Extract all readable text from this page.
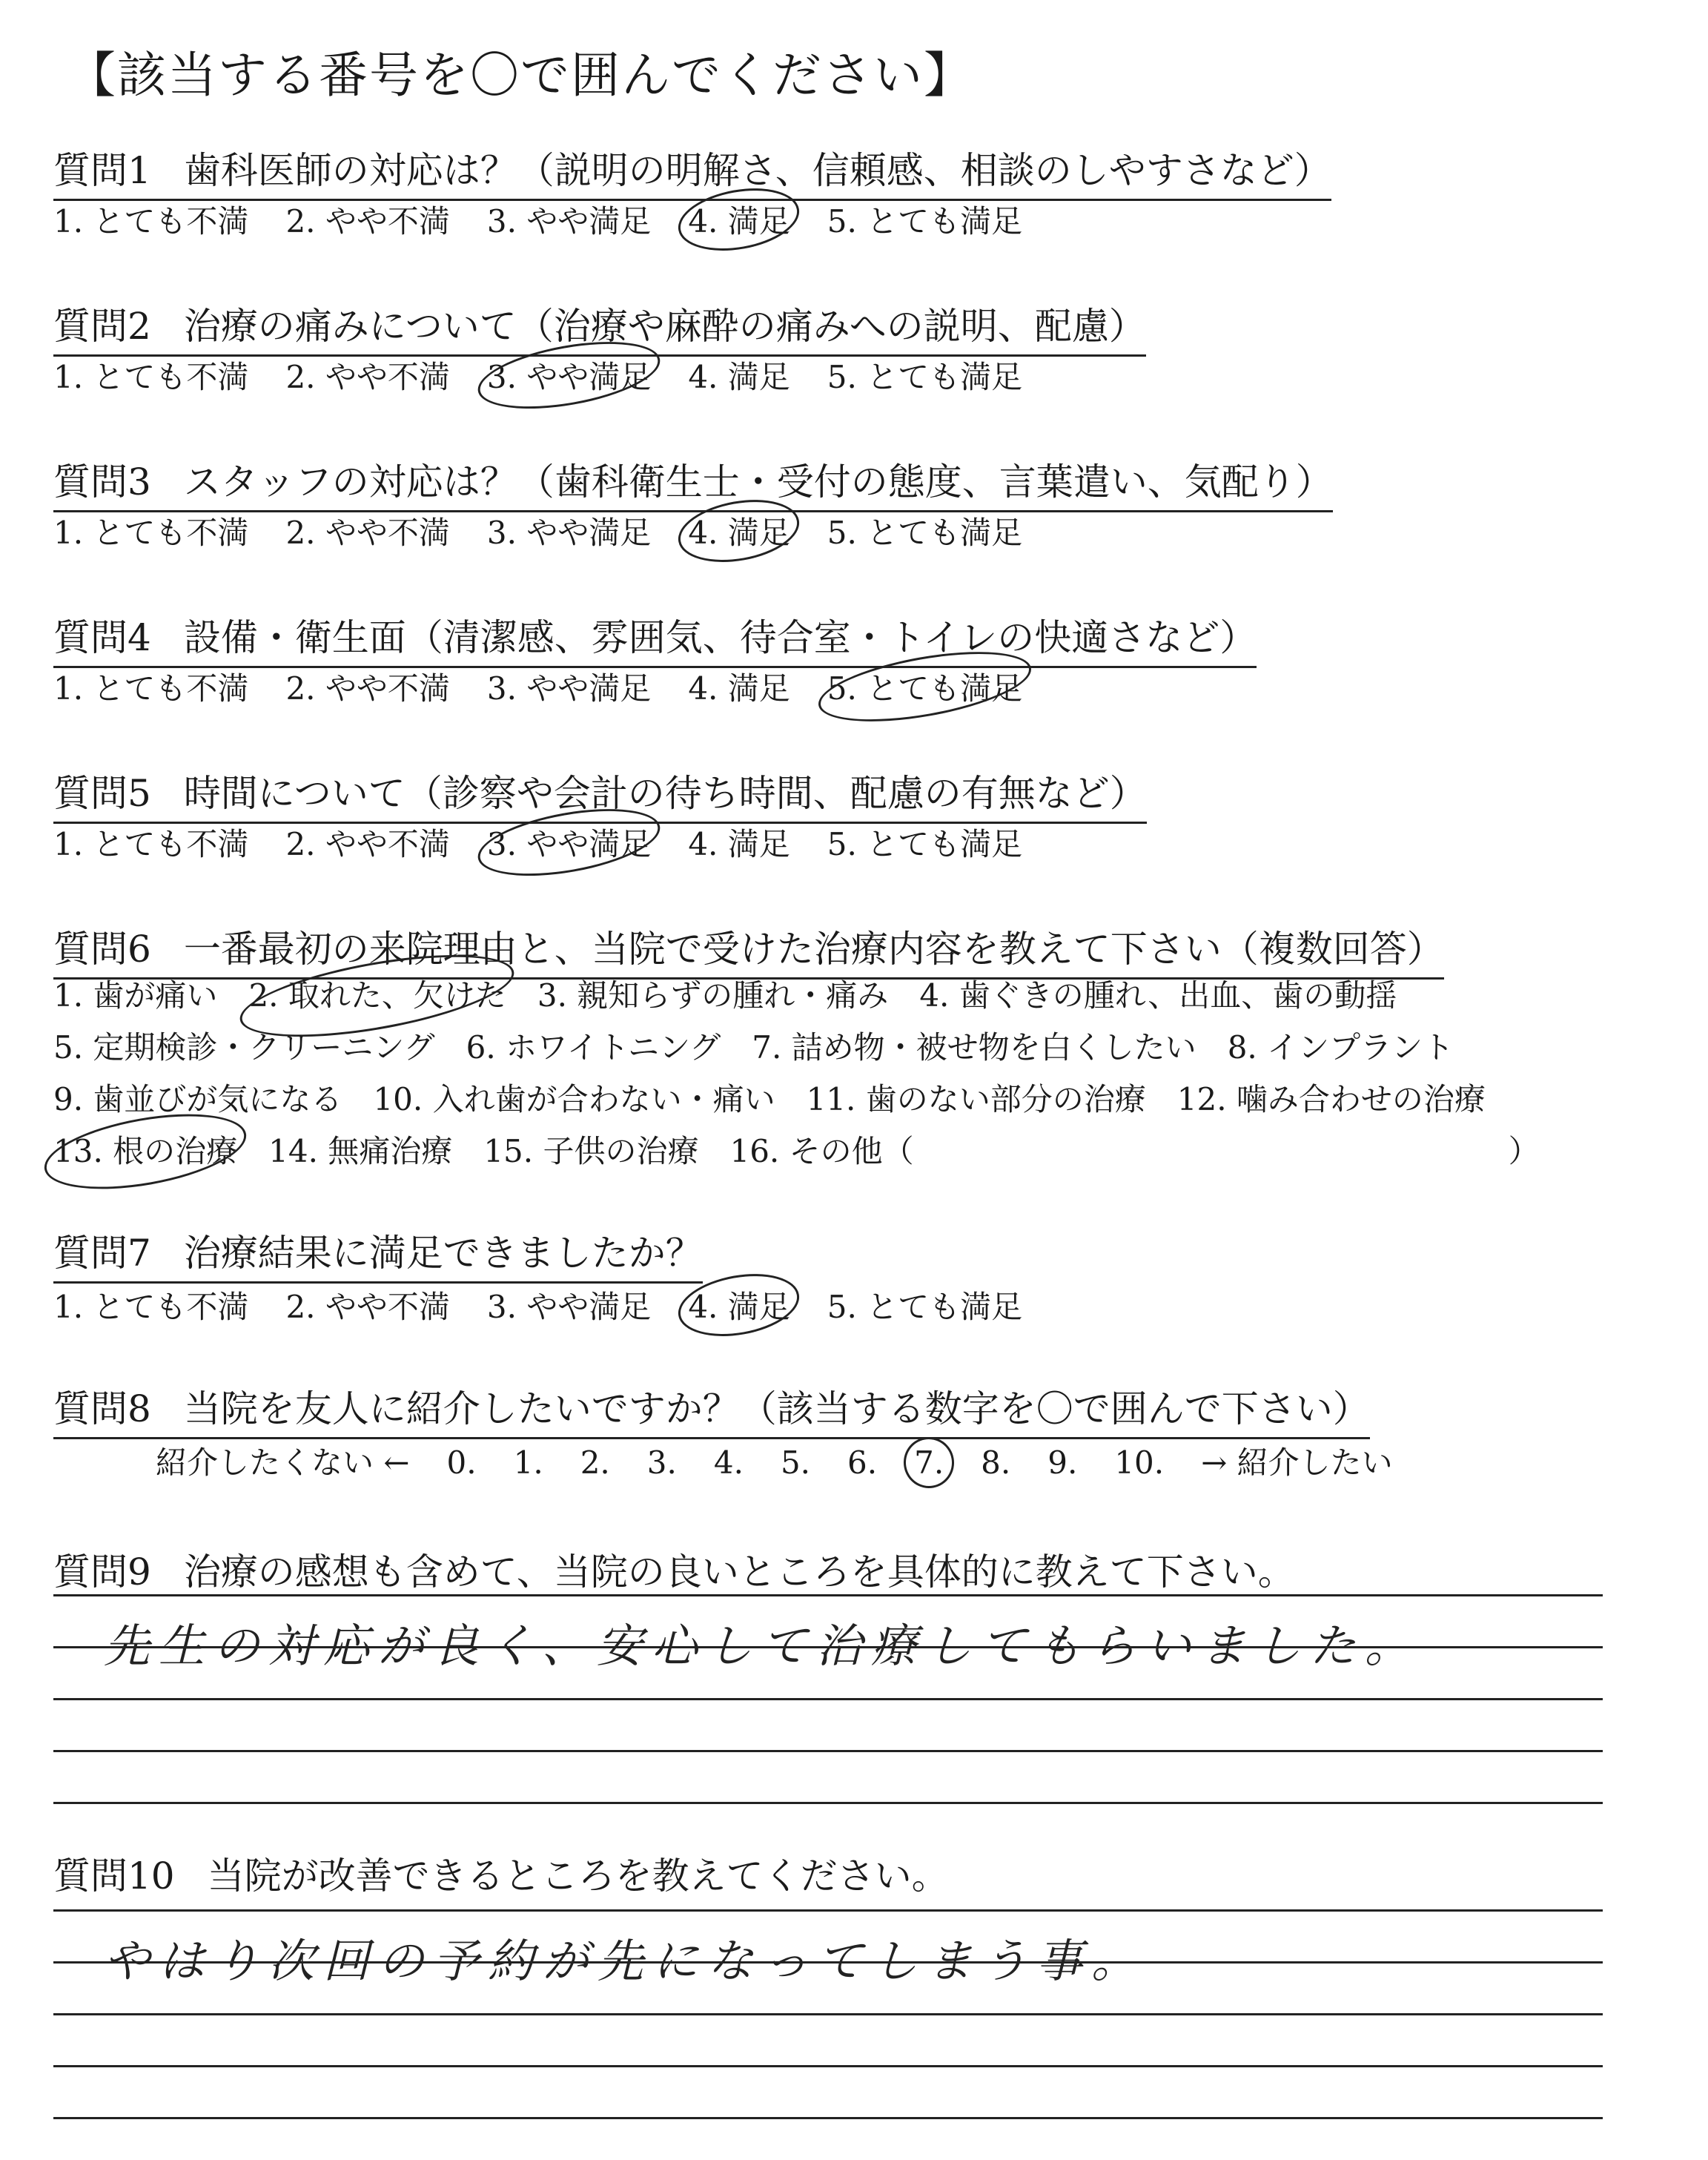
【該当する番号を〇で囲んでください】
質問1 歯科医師の対応は？（説明の明解さ、信頼感、相談のしやすさなど）
1. とても不満 2. やや不満 3. やや満足 4. 満足 5. とても満足
質問2 治療の痛みについて（治療や麻酔の痛みへの説明、配慮）
1. とても不満 2. やや不満 3. やや満足 4. 満足 5. とても満足
質問3 スタッフの対応は？（歯科衛生士・受付の態度、言葉遣い、気配り）
1. とても不満 2. やや不満 3. やや満足 4. 満足 5. とても満足
質問4 設備・衛生面（清潔感、雰囲気、待合室・トイレの快適さなど）
1. とても不満 2. やや不満 3. やや満足 4. 満足 5. とても満足
質問5 時間について（診察や会計の待ち時間、配慮の有無など）
1. とても不満 2. やや不満 3. やや満足 4. 満足 5. とても満足
質問6 一番最初の来院理由と、当院で受けた治療内容を教えて下さい（複数回答）
1. 歯が痛い 2. 取れた、欠けた 3. 親知らずの腫れ・痛み 4. 歯ぐきの腫れ、出血、歯の動揺
5. 定期検診・クリーニング 6. ホワイトニング 7. 詰め物・被せ物を白くしたい 8. インプラント
9. 歯並びが気になる 10. 入れ歯が合わない・痛い 11. 歯のない部分の治療 12. 噛み合わせの治療
13. 根の治療 14. 無痛治療 15. 子供の治療 16. その他（	）
質問7 治療結果に満足できましたか？
1. とても不満 2. やや不満 3. やや満足 4. 満足 5. とても満足
質問8 当院を友人に紹介したいですか？（該当する数字を〇で囲んで下さい）
紹介したくない ← 0. 1. 2. 3. 4. 5. 6. 7. 8. 9. 10. → 紹介したい
質問9 治療の感想も含めて、当院の良いところを具体的に教えて下さい。
先生の対応が良く、安心して治療してもらいました。
質問10 当院が改善できるところを教えてください。
やはり次回の予約が先になってしまう事。
